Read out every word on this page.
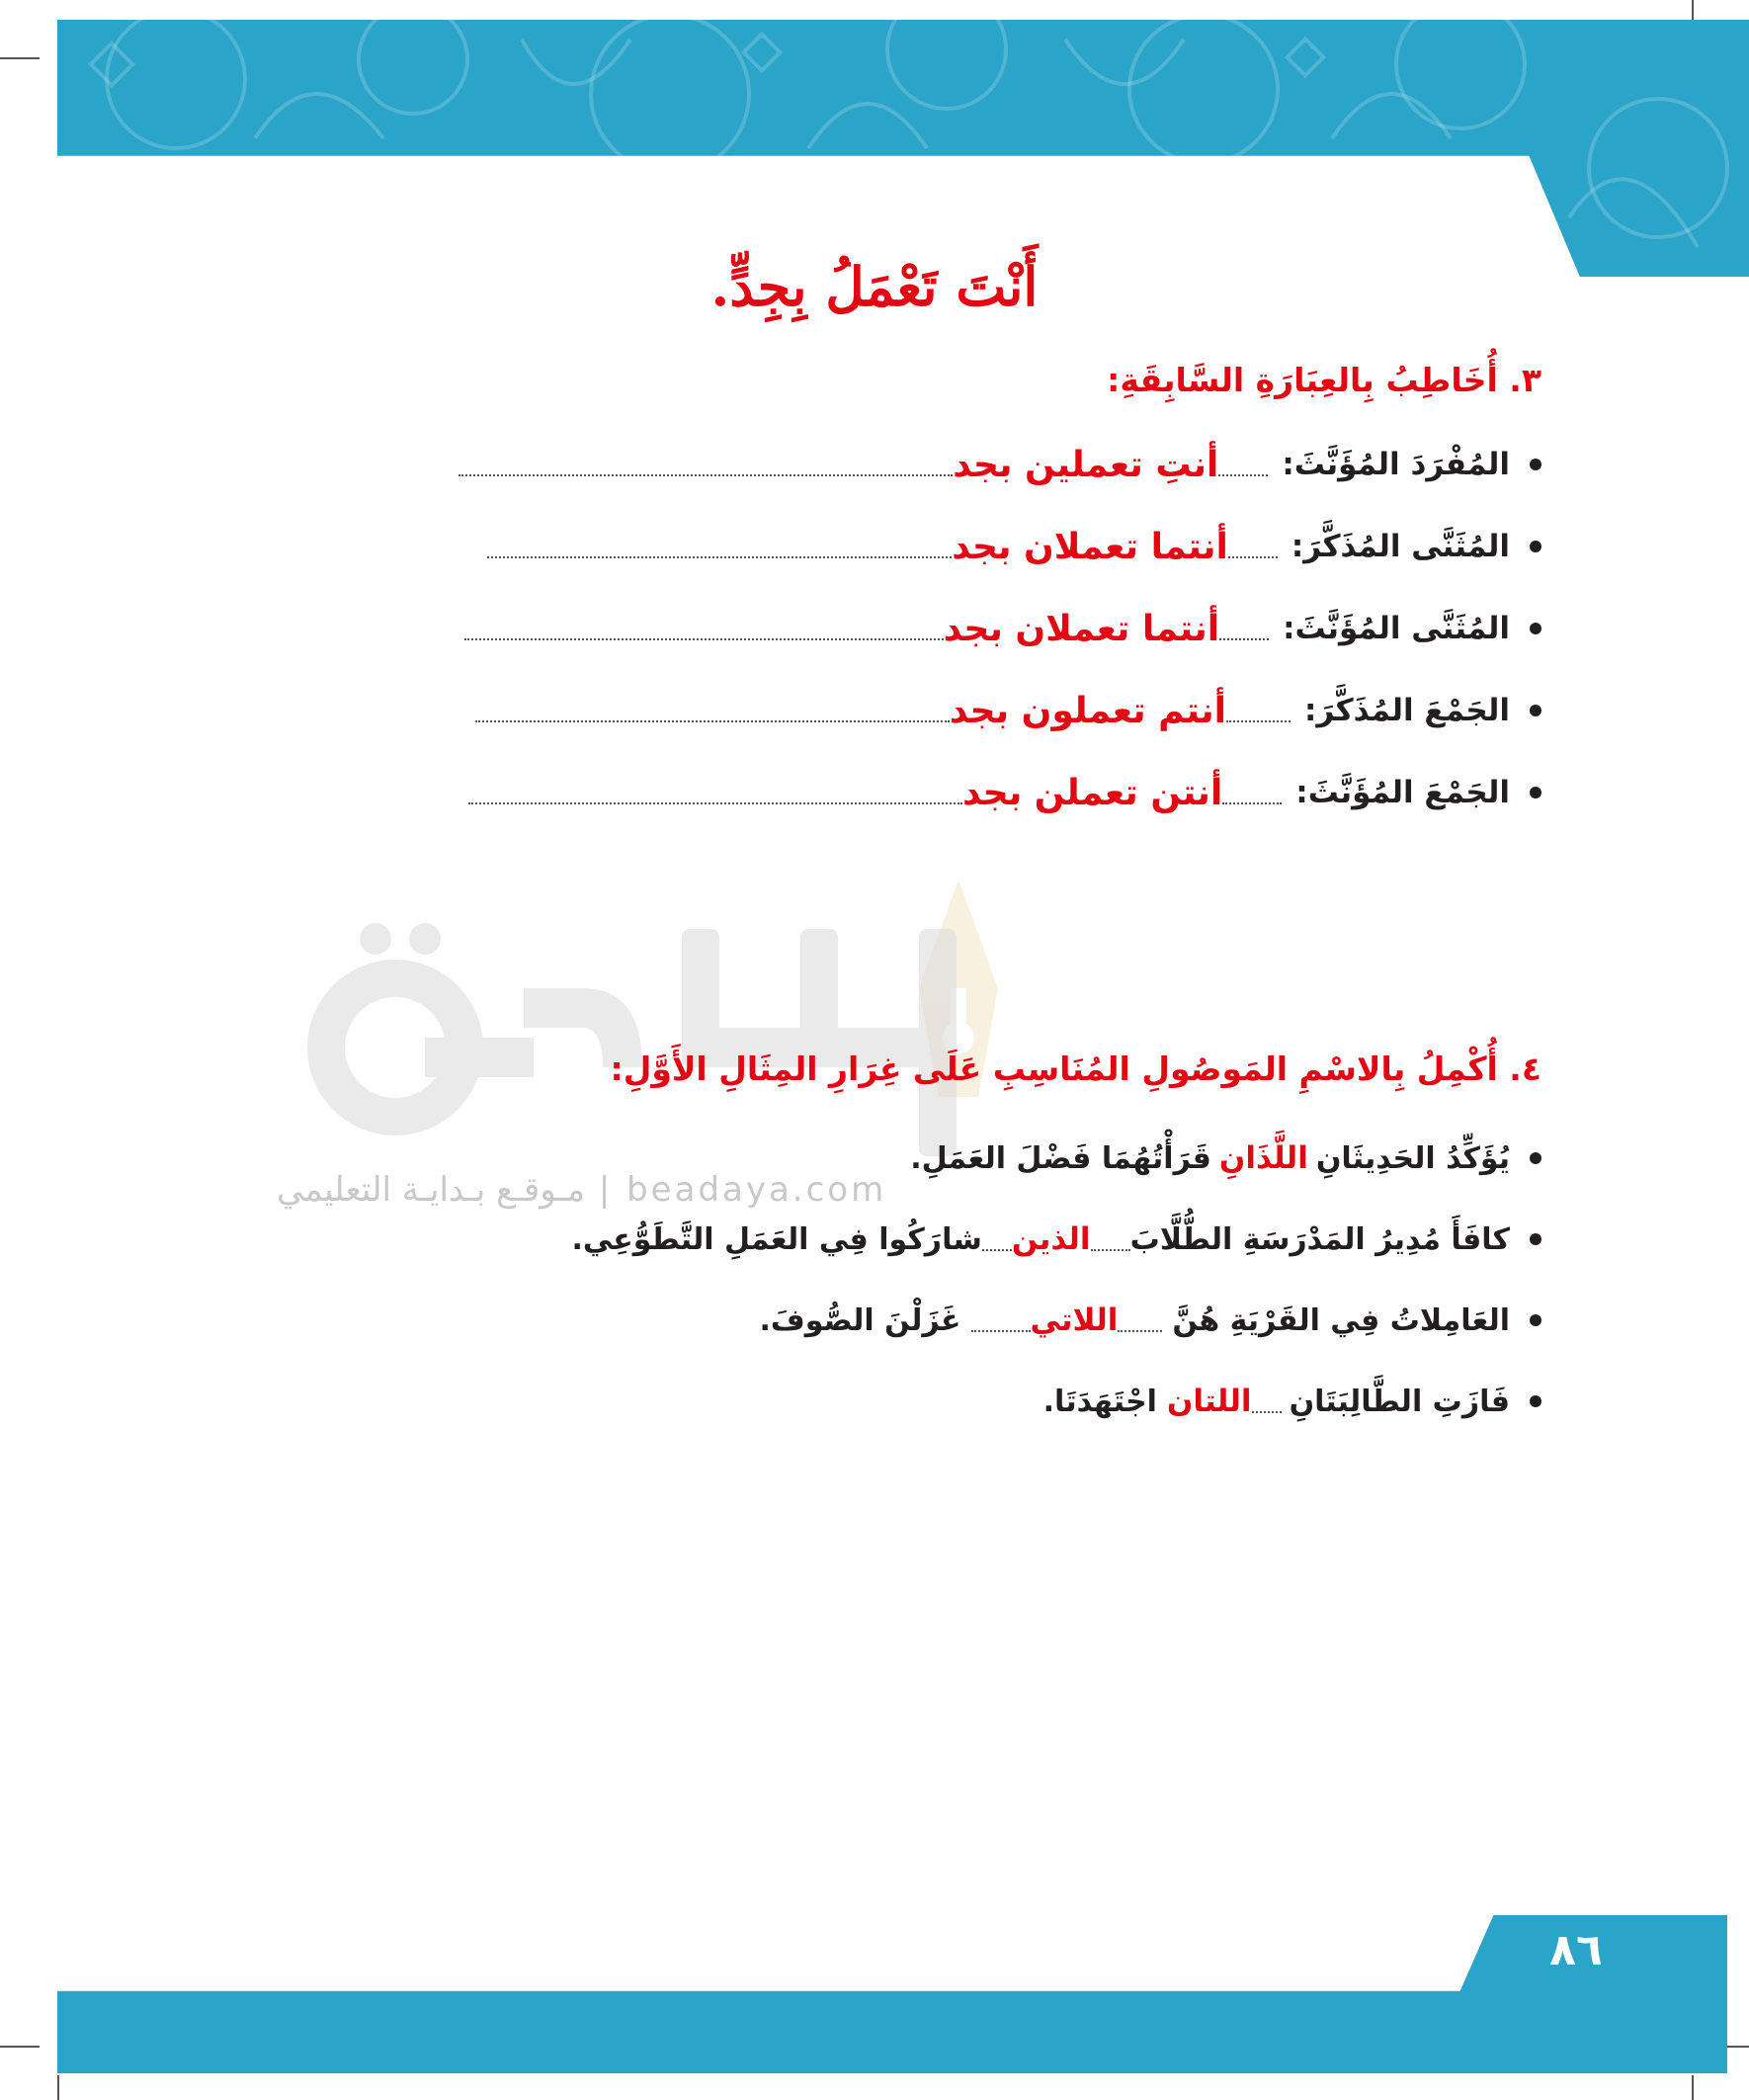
٨٦
beadaya.com | مـوقـع بـدايـة التعليمي
أَنْتَ تَعْمَلُ بِجِدٍّ.
٣. أُخَاطِبُ بِالعِبَارَةِ السَّابِقَةِ:
المُفْرَدَ المُؤَنَّثَ:
أنتِ تعملين بجد
المُثَنَّى المُذَكَّرَ:
أنتما تعملان بجد
المُثَنَّى المُؤَنَّثَ:
أنتما تعملان بجد
الجَمْعَ المُذَكَّرَ:
أنتم تعملون بجد
الجَمْعَ المُؤَنَّثَ:
أنتن تعملن بجد
٤. أُكْمِلُ بِالاسْمِ المَوصُولِ المُنَاسِبِ عَلَى غِرَارِ المِثَالِ الأَوَّلِ:
يُؤَكِّدُ الحَدِيثَانِ
اللَّذَانِ
قَرَأْتُهُمَا فَضْلَ العَمَلِ.
كافَأَ مُدِيرُ المَدْرَسَةِ الطُّلَّابَ
الذين
شارَكُوا فِي العَمَلِ التَّطَوُّعِي.
العَامِلاتُ فِي القَرْيَةِ هُنَّ
اللاتي
غَزَلْنَ الصُّوفَ.
فَازَتِ الطَّالِبَتَانِ
اللتان
اجْتَهَدَتَا.
